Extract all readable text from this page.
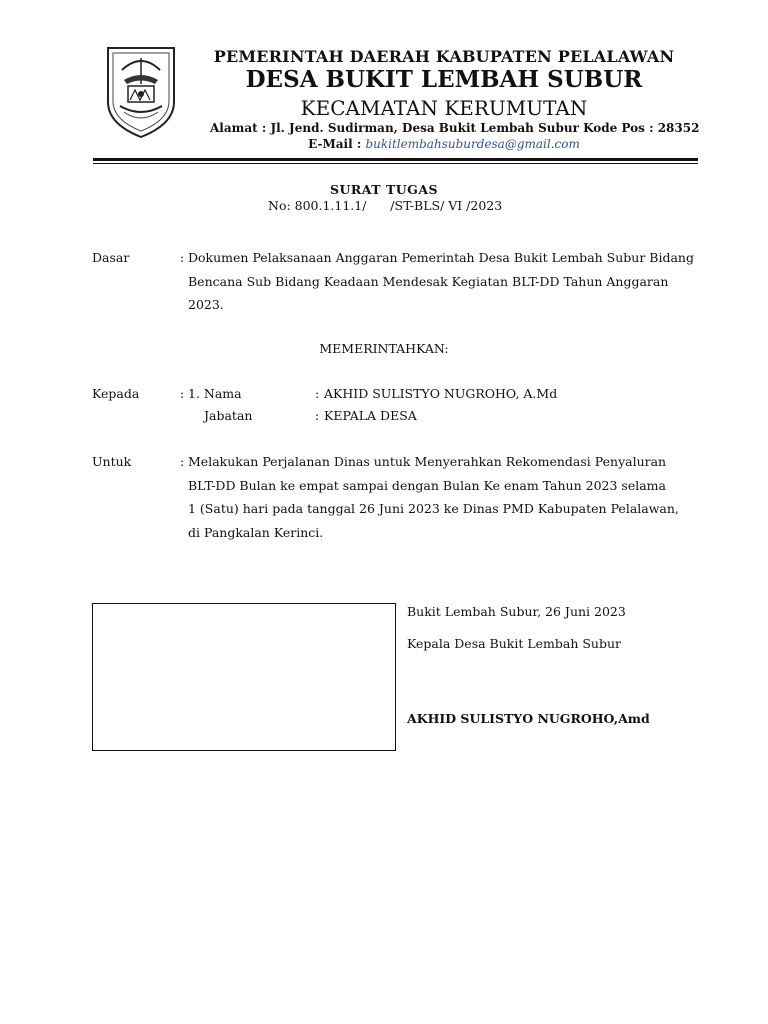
PEMERINTAH DAERAH KABUPATEN PELALAWAN
DESA BUKIT LEMBAH SUBUR
KECAMATAN KERUMUTAN
Alamat : Jl. Jend. Sudirman, Desa Bukit Lembah Subur Kode Pos : 28352
E-Mail : bukitlembahsuburdesa@gmail.com
SURAT TUGAS
No: 800.1.11.1/      /ST-BLS/ VI /2023
Dasar	: Dokumen Pelaksanaan Anggaran Pemerintah Desa Bukit Lembah Subur Bidang
Bencana Sub Bidang Keadaan Mendesak Kegiatan BLT-DD Tahun Anggaran
2023.
MEMERINTAHKAN:
Kepada	: 1. Nama	: AKHID SULISTYO NUGROHO, A.Md
Jabatan	: KEPALA DESA
Untuk	: Melakukan Perjalanan Dinas untuk Menyerahkan Rekomendasi Penyaluran
BLT-DD Bulan ke empat sampai dengan Bulan Ke enam Tahun 2023 selama
1 (Satu) hari pada tanggal 26 Juni 2023 ke Dinas PMD Kabupaten Pelalawan,
di Pangkalan Kerinci.
Bukit Lembah Subur, 26 Juni 2023
Kepala Desa Bukit Lembah Subur
AKHID SULISTYO NUGROHO,Amd
